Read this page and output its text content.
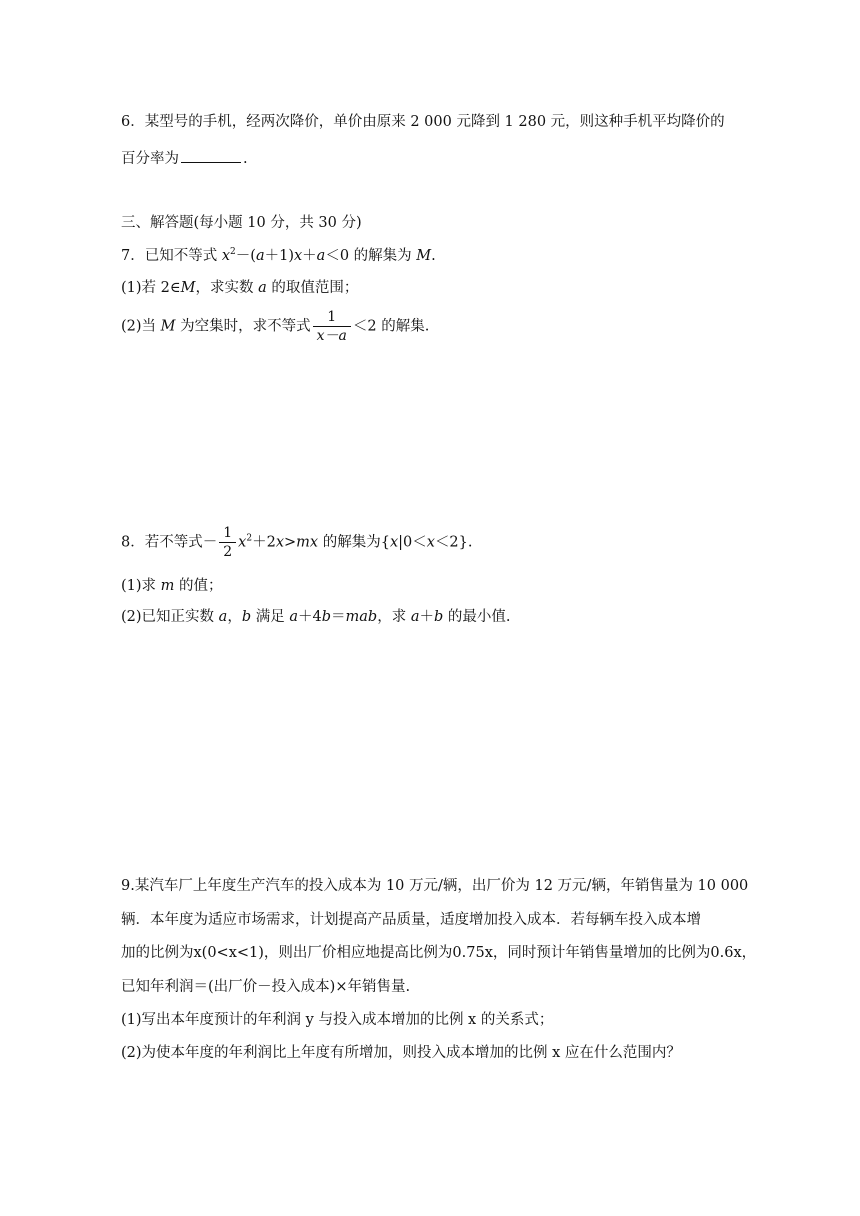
6．某型号的手机，经两次降价，单价由原来 2 000 元降到 1 280 元，则这种手机平均降价的
百分率为	.
三、解答题(每小题 10 分，共 30 分)
7．已知不等式 $x^2-(a+1)x+a<0$ 的解集为 M.
(1)若 2∈M，求实数 a 的取值范围；
(2)当 M 为空集时，求不等式 $\frac{1}{x-a} <2$ 的解集.
8．若不等式－ $\frac{1}{2} x^2+2x>mx$ 的解集为{x|0＜x＜2}.
(1)求 m 的值；
(2)已知正实数 a，b 满足 a＋4b＝mab，求 a＋b 的最小值.
9.某汽车厂上年度生产汽车的投入成本为 10 万元/辆，出厂价为 12 万元/辆，年销售量为 10 000
辆．本年度为适应市场需求，计划提高产品质量，适度增加投入成本．若每辆车投入成本增
加的比例为x(0<x<1)，则出厂价相应地提高比例为0.75x，同时预计年销售量增加的比例为0.6x，
已知年利润＝(出厂价－投入成本)×年销售量.
(1)写出本年度预计的年利润 y 与投入成本增加的比例 x 的关系式；
(2)为使本年度的年利润比上年度有所增加，则投入成本增加的比例 x 应在什么范围内？
